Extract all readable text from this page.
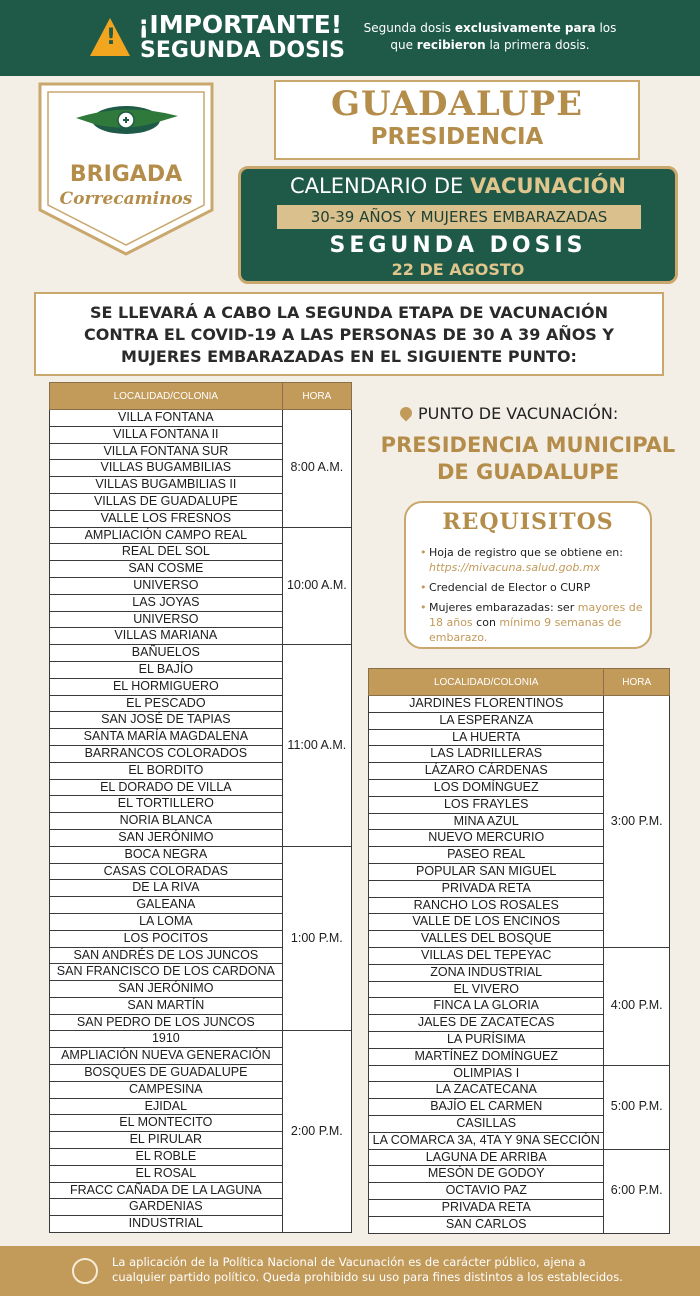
! ¡IMPORTANTE!
SEGUNDA DOSIS
Segunda dosis exclusivamente para los que recibieron la primera dosis.
BRIGADA
Correcaminos
GUADALUPE
PRESIDENCIA
CALENDARIO DE VACUNACIÓN
30-39 AÑOS Y MUJERES EMBARAZADAS
SEGUNDA DOSIS
22 DE AGOSTO
SE LLEVARÁ A CABO LA SEGUNDA ETAPA DE VACUNACIÓN
CONTRA EL COVID-19 A LAS PERSONAS DE 30 A 39 AÑOS Y
MUJERES EMBARAZADAS EN EL SIGUIENTE PUNTO:
LOCALIDAD/COLONIA	HORA
VILLA FONTANA	8:00 A.M.
VILLA FONTANA II	
VILLA FONTANA SUR	
VILLAS BUGAMBILIAS	
VILLAS BUGAMBILIAS II	
VILLAS DE GUADALUPE	
VALLE LOS FRESNOS	
AMPLIACIÓN CAMPO REAL	10:00 A.M.
REAL DEL SOL	
SAN COSME	
UNIVERSO	
LAS JOYAS	
UNIVERSO	
VILLAS MARIANA	
BAÑUELOS	11:00 A.M.
EL BAJÍO	
EL HORMIGUERO	
EL PESCADO	
SAN JOSÉ DE TAPIAS	
SANTA MARÍA MAGDALENA	
BARRANCOS COLORADOS	
EL BORDITO	
EL DORADO DE VILLA	
EL TORTILLERO	
NORIA BLANCA	
SAN JERÓNIMO	
BOCA NEGRA	1:00 P.M.
CASAS COLORADAS	
DE LA RIVA	
GALEANA	
LA LOMA	
LOS POCITOS	
SAN ANDRÉS DE LOS JUNCOS	
SAN FRANCISCO DE LOS CARDONA	
SAN JERÓNIMO	
SAN MARTÍN	
SAN PEDRO DE LOS JUNCOS	
1910	2:00 P.M.
AMPLIACIÓN NUEVA GENERACIÓN	
BOSQUES DE GUADALUPE	
CAMPESINA	
EJIDAL	
EL MONTECITO	
EL PIRULAR	
EL ROBLE	
EL ROSAL	
FRACC CAÑADA DE LA LAGUNA	
GARDENIAS	
INDUSTRIAL	
PUNTO DE VACUNACIÓN:
PRESIDENCIA MUNICIPAL
DE GUADALUPE
REQUISITOS
• Hoja de registro que se obtiene en: https://mivacuna.salud.gob.mx
• Credencial de Elector o CURP
• Mujeres embarazadas: ser mayores de 18 años con mínimo 9 semanas de embarazo.
LOCALIDAD/COLONIA	HORA
JARDINES FLORENTINOS	3:00 P.M.
LA ESPERANZA	
LA HUERTA	
LAS LADRILLERAS	
LÁZARO CÁRDENAS	
LOS DOMÍNGUEZ	
LOS FRAYLES	
MINA AZUL	
NUEVO MERCURIO	
PASEO REAL	
POPULAR SAN MIGUEL	
PRIVADA RETA	
RANCHO LOS ROSALES	
VALLE DE LOS ENCINOS	
VALLES DEL BOSQUE	
VILLAS DEL TEPEYAC	4:00 P.M.
ZONA INDUSTRIAL	
EL VIVERO	
FINCA LA GLORIA	
JALES DE ZACATECAS	
LA PURÍSIMA	
MARTÍNEZ DOMÍNGUEZ	
OLIMPIAS I	5:00 P.M.
LA ZACATECANA	
BAJÍO EL CARMEN	
CASILLAS	
LA COMARCA 3A, 4TA Y 9NA SECCIÓN	
LAGUNA DE ARRIBA	6:00 P.M.
MESÓN DE GODOY	
OCTAVIO PAZ	
PRIVADA RETA	
SAN CARLOS	
La aplicación de la Política Nacional de Vacunación es de carácter público, ajena a
cualquier partido político. Queda prohibido su uso para fines distintos a los establecidos.
